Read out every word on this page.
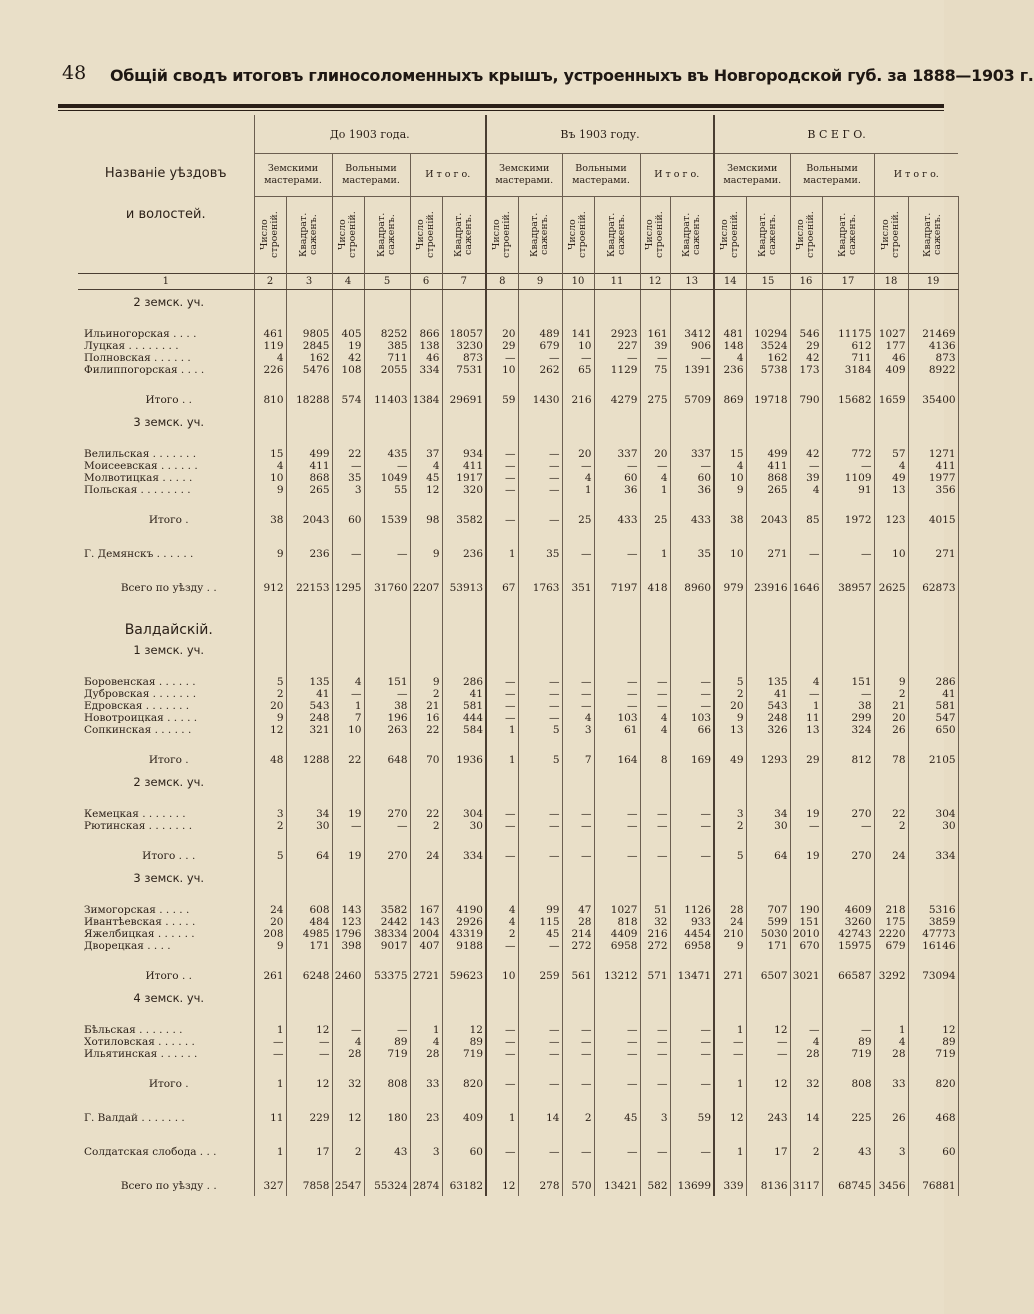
48 Общій сводъ итоговъ глиносоломенныхъ крышъ, устроенныхъ въ Новгородской губ. за 1888—1903 г.
Названіе уѣздовъ
и волостей.	До 1903 года.						Въ 1903 году.						В С Е Г О.					
	Земскими мастерами.		Вольными мастерами.		И т о г о.		Земскими мастерами.		Вольными мастерами.		И т о г о.		Земскими мастерами.		Вольными мастерами.		И т о г о.	
	Число строеній.	Квадрат. саженъ.	Число строеній.	Квадрат. саженъ.	Число строеній.	Квадрат. саженъ.	Число строеній.	Квадрат. саженъ.	Число строеній.	Квадрат. саженъ.	Число строеній.	Квадрат. саженъ.	Число строеній.	Квадрат. саженъ.	Число строеній.	Квадрат. саженъ.	Число строеній.	Квадрат. саженъ.
1	2	3	4	5	6	7	8	9	10	11	12	13	14	15	16	17	18	19
2 земск. уч.																		

Ильиногорская . . . .	461	9805	405	8252	866	18057	20	489	141	2923	161	3412	481	10294	546	11175	1027	21469
Луцкая . . . . . . . .	119	2845	19	385	138	3230	29	679	10	227	39	906	148	3524	29	612	177	4136
Полновская . . . . . .	4	162	42	711	46	873	—	—	—	—	—	—	4	162	42	711	46	873
Филиппогорская . . . .	226	5476	108	2055	334	7531	10	262	65	1129	75	1391	236	5738	173	3184	409	8922

Итого . .	810	18288	574	11403	1384	29691	59	1430	216	4279	275	5709	869	19718	790	15682	1659	35400
3 земск. уч.																		

Велильская . . . . . . .	15	499	22	435	37	934	—	—	20	337	20	337	15	499	42	772	57	1271
Моисеевская . . . . . .	4	411	—	—	4	411	—	—	—	—	—	—	4	411	—	—	4	411
Молвотицкая . . . . .	10	868	35	1049	45	1917	—	—	4	60	4	60	10	868	39	1109	49	1977
Польская . . . . . . . .	9	265	3	55	12	320	—	—	1	36	1	36	9	265	4	91	13	356

Итого .	38	2043	60	1539	98	3582	—	—	25	433	25	433	38	2043	85	1972	123	4015

Г. Демянскъ . . . . . .	9	236	—	—	9	236	1	35	—	—	1	35	10	271	—	—	10	271

Всего по уѣзду . .	912	22153	1295	31760	2207	53913	67	1763	351	7197	418	8960	979	23916	1646	38957	2625	62873

Валдайскій.																		
1 земск. уч.																		

Боровенская . . . . . .	5	135	4	151	9	286	—	—	—	—	—	—	5	135	4	151	9	286
Дубровская . . . . . . .	2	41	—	—	2	41	—	—	—	—	—	—	2	41	—	—	2	41
Едровская . . . . . . .	20	543	1	38	21	581	—	—	—	—	—	—	20	543	1	38	21	581
Новотроицкая . . . . .	9	248	7	196	16	444	—	—	4	103	4	103	9	248	11	299	20	547
Сопкинская . . . . . .	12	321	10	263	22	584	1	5	3	61	4	66	13	326	13	324	26	650

Итого .	48	1288	22	648	70	1936	1	5	7	164	8	169	49	1293	29	812	78	2105
2 земск. уч.																		

Кемецкая . . . . . . .	3	34	19	270	22	304	—	—	—	—	—	—	3	34	19	270	22	304
Рютинская . . . . . . .	2	30	—	—	2	30	—	—	—	—	—	—	2	30	—	—	2	30

Итого . . .	5	64	19	270	24	334	—	—	—	—	—	—	5	64	19	270	24	334
3 земск. уч.																		

Зимогорская . . . . .	24	608	143	3582	167	4190	4	99	47	1027	51	1126	28	707	190	4609	218	5316
Ивантѣевская . . . . .	20	484	123	2442	143	2926	4	115	28	818	32	933	24	599	151	3260	175	3859
Яжелбицкая . . . . . .	208	4985	1796	38334	2004	43319	2	45	214	4409	216	4454	210	5030	2010	42743	2220	47773
Дворецкая . . . .	9	171	398	9017	407	9188	—	—	272	6958	272	6958	9	171	670	15975	679	16146

Итого . .	261	6248	2460	53375	2721	59623	10	259	561	13212	571	13471	271	6507	3021	66587	3292	73094
4 земск. уч.																		

Бѣльская . . . . . . .	1	12	—	—	1	12	—	—	—	—	—	—	1	12	—	—	1	12
Хотиловская . . . . . .	—	—	4	89	4	89	—	—	—	—	—	—	—	—	4	89	4	89
Ильятинская . . . . . .	—	—	28	719	28	719	—	—	—	—	—	—	—	—	28	719	28	719

Итого .	1	12	32	808	33	820	—	—	—	—	—	—	1	12	32	808	33	820

Г. Валдай . . . . . . .	11	229	12	180	23	409	1	14	2	45	3	59	12	243	14	225	26	468

Солдатская слобода . . .	1	17	2	43	3	60	—	—	—	—	—	—	1	17	2	43	3	60

Всего по уѣзду . .	327	7858	2547	55324	2874	63182	12	278	570	13421	582	13699	339	8136	3117	68745	3456	76881
